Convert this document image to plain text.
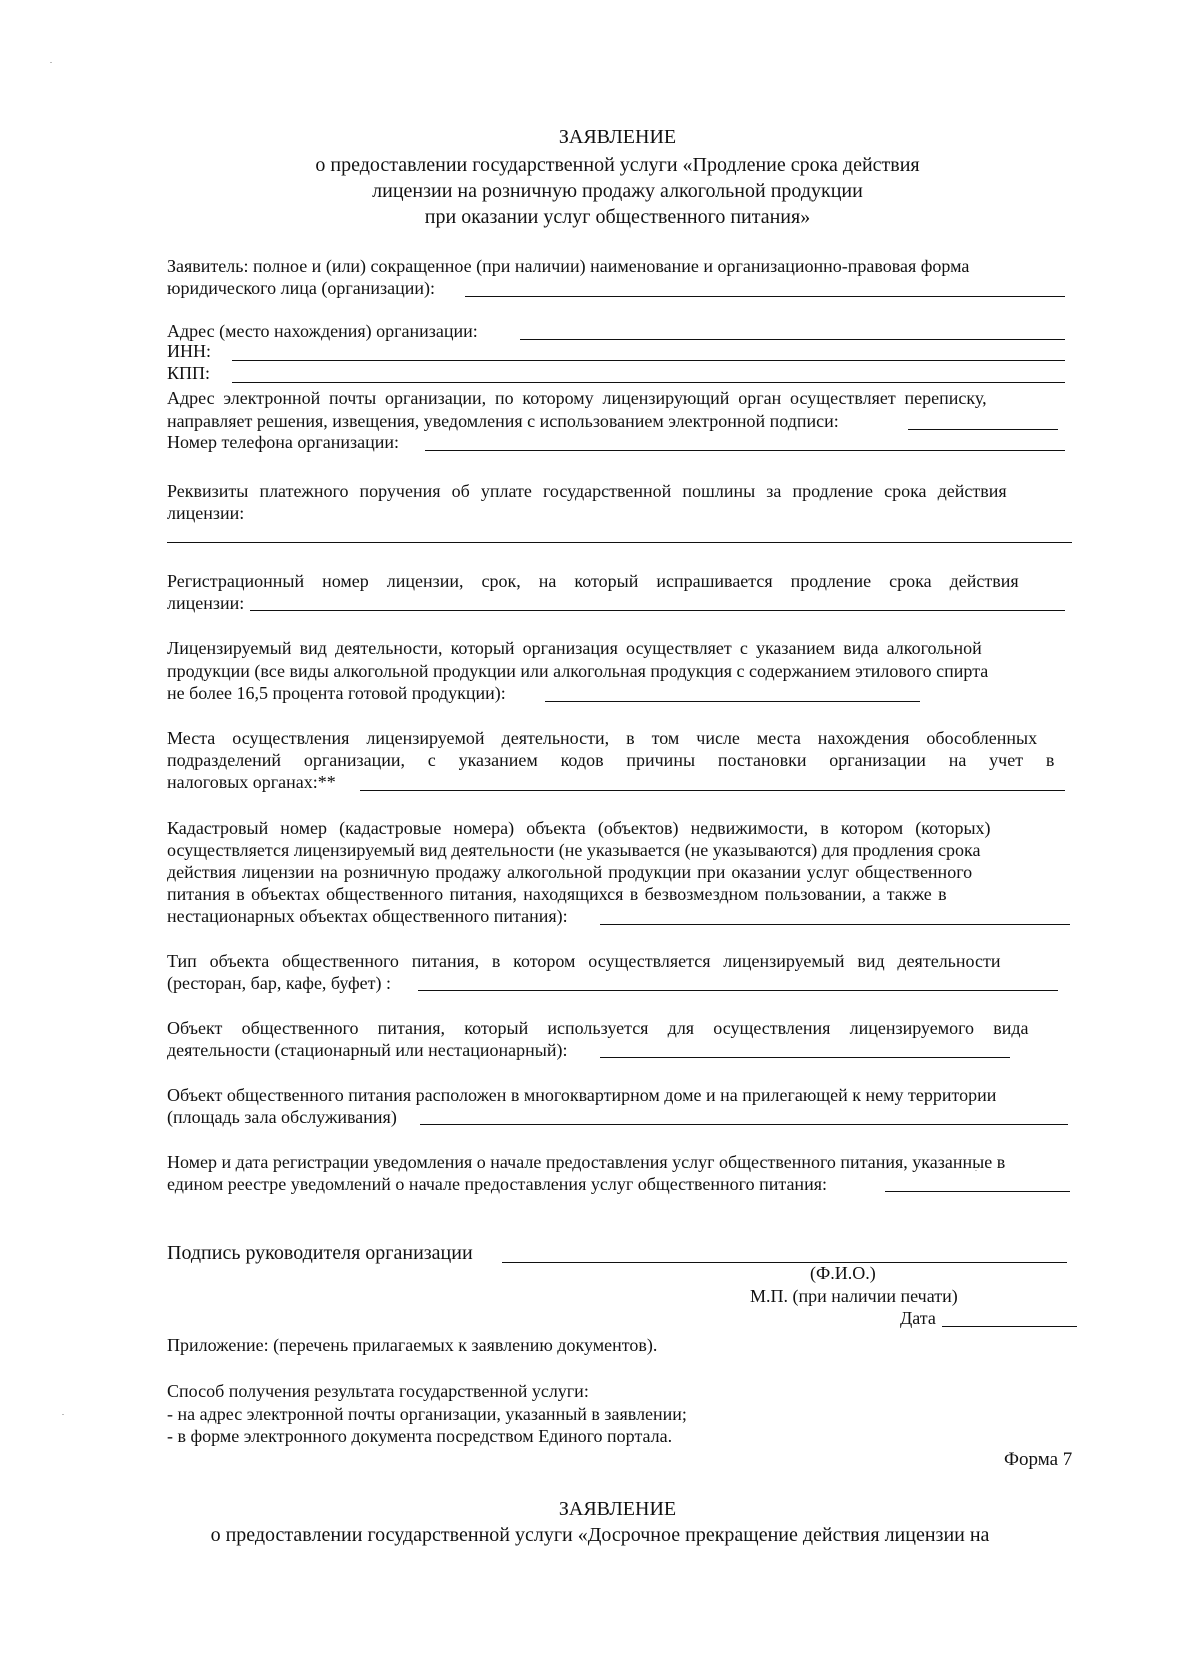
ЗАЯВЛЕНИЕ
о предоставлении государственной услуги «Продление срока действия
лицензии на розничную продажу алкогольной продукции
при оказании услуг общественного питания»
Заявитель: полное и (или) сокращенное (при наличии) наименование и организационно-правовая форма
юридического лица (организации):
Адрес (место нахождения) организации:
ИНН:
КПП:
Адрес электронной почты организации, по которому лицензирующий орган осуществляет переписку,
направляет решения, извещения, уведомления с использованием электронной подписи:
Номер телефона организации:
Реквизиты платежного поручения об уплате государственной пошлины за продление срока действия
лицензии:
Регистрационный номер лицензии, срок, на который испрашивается продление срока действия
лицензии:
Лицензируемый вид деятельности, который организация осуществляет с указанием вида алкогольной
продукции (все виды алкогольной продукции или алкогольная продукция с содержанием этилового спирта
не более 16,5 процента готовой продукции):
Места осуществления лицензируемой деятельности, в том числе места нахождения обособленных
подразделений организации, с указанием кодов причины постановки организации на учет в
налоговых органах:**
Кадастровый номер (кадастровые номера) объекта (объектов) недвижимости, в котором (которых)
осуществляется лицензируемый вид деятельности (не указывается (не указываются) для продления срока
действия лицензии на розничную продажу алкогольной продукции при оказании услуг общественного
питания в объектах общественного питания, находящихся в безвозмездном пользовании, а также в
нестационарных объектах общественного питания):
Тип объекта общественного питания, в котором осуществляется лицензируемый вид деятельности
(ресторан, бар, кафе, буфет) :
Объект общественного питания, который используется для осуществления лицензируемого вида
деятельности (стационарный или нестационарный):
Объект общественного питания расположен в многоквартирном доме и на прилегающей к нему территории
(площадь зала обслуживания)
Номер и дата регистрации уведомления о начале предоставления услуг общественного питания, указанные в
едином реестре уведомлений о начале предоставления услуг общественного питания:
Подпись руководителя организации
(Ф.И.О.)
М.П. (при наличии печати)
Дата
Приложение: (перечень прилагаемых к заявлению документов).
Способ получения результата государственной услуги:
- на адрес электронной почты организации, указанный в заявлении;
- в форме электронного документа посредством Единого портала.
Форма 7
ЗАЯВЛЕНИЕ
о предоставлении государственной услуги «Досрочное прекращение действия лицензии на
